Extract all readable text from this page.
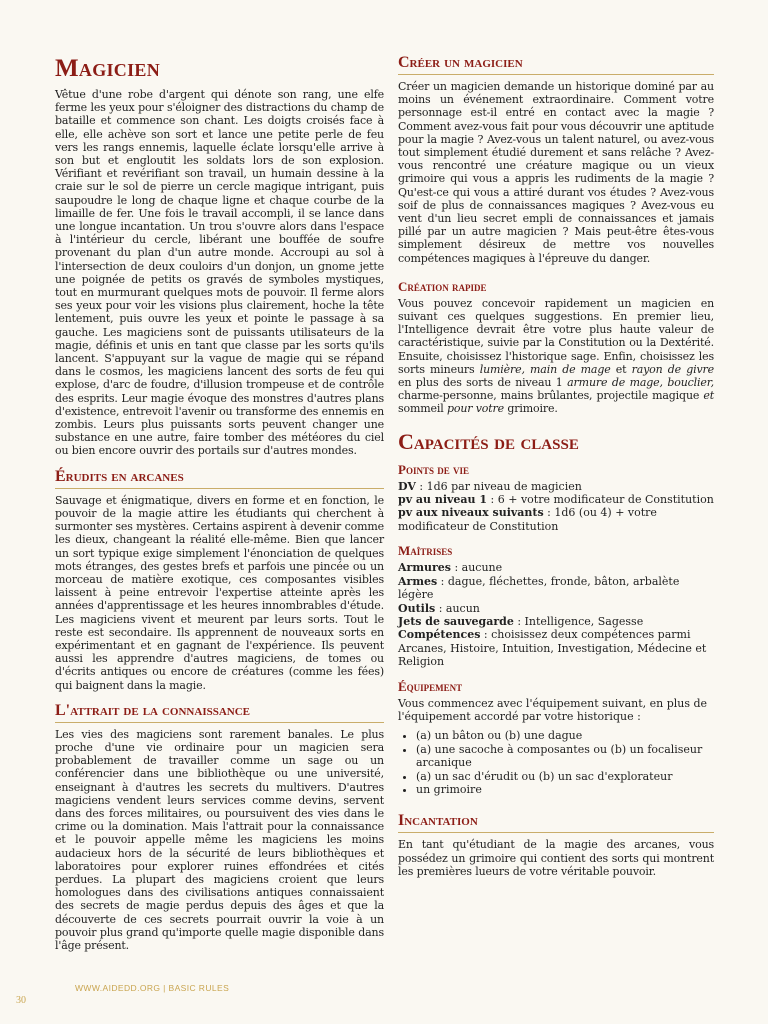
Magicien

Vêtue d'une robe d'argent qui dénote son rang, une elfe ferme les yeux pour s'éloigner des distractions du champ de bataille et commence son chant. Les doigts croisés face à elle, elle achève son sort et lance une petite perle de feu vers les rangs ennemis, laquelle éclate lorsqu'elle arrive à son but et engloutit les soldats lors de son explosion. Vérifiant et revérifiant son travail, un humain dessine à la craie sur le sol de pierre un cercle magique intrigant, puis saupoudre le long de chaque ligne et chaque courbe de la limaille de fer. Une fois le travail accompli, il se lance dans une longue incantation. Un trou s'ouvre alors dans l'espace à l'intérieur du cercle, libérant une bouffée de soufre provenant du plan d'un autre monde. Accroupi au sol à l'intersection de deux couloirs d'un donjon, un gnome jette une poignée de petits os gravés de symboles mystiques, tout en murmurant quelques mots de pouvoir. Il ferme alors ses yeux pour voir les visions plus clairement, hoche la tête lentement, puis ouvre les yeux et pointe le passage à sa gauche. Les magiciens sont de puissants utilisateurs de la magie, définis et unis en tant que classe par les sorts qu'ils lancent. S'appuyant sur la vague de magie qui se répand dans le cosmos, les magiciens lancent des sorts de feu qui explose, d'arc de foudre, d'illusion trompeuse et de contrôle des esprits. Leur magie évoque des monstres d'autres plans d'existence, entrevoit l'avenir ou transforme des ennemis en zombis. Leurs plus puissants sorts peuvent changer une substance en une autre, faire tomber des météores du ciel ou bien encore ouvrir des portails sur d'autres mondes.

Érudits en arcanes

Sauvage et énigmatique, divers en forme et en fonction, le pouvoir de la magie attire les étudiants qui cherchent à surmonter ses mystères. Certains aspirent à devenir comme les dieux, changeant la réalité elle-même. Bien que lancer un sort typique exige simplement l'énonciation de quelques mots étranges, des gestes brefs et parfois une pincée ou un morceau de matière exotique, ces composantes visibles laissent à peine entrevoir l'expertise atteinte après les années d'apprentissage et les heures innombrables d'étude. Les magiciens vivent et meurent par leurs sorts. Tout le reste est secondaire. Ils apprennent de nouveaux sorts en expérimentant et en gagnant de l'expérience. Ils peuvent aussi les apprendre d'autres magiciens, de tomes ou d'écrits antiques ou encore de créatures (comme les fées) qui baignent dans la magie.

L'attrait de la connaissance

Les vies des magiciens sont rarement banales. Le plus proche d'une vie ordinaire pour un magicien sera probablement de travailler comme un sage ou un conférencier dans une bibliothèque ou une université, enseignant à d'autres les secrets du multivers. D'autres magiciens vendent leurs services comme devins, servent dans des forces militaires, ou poursuivent des vies dans le crime ou la domination. Mais l'attrait pour la connaissance et le pouvoir appelle même les magiciens les moins audacieux hors de la sécurité de leurs bibliothèques et laboratoires pour explorer ruines effondrées et cités perdues. La plupart des magiciens croient que leurs homologues dans des civilisations antiques connaissaient des secrets de magie perdus depuis des âges et que la découverte de ces secrets pourrait ouvrir la voie à un pouvoir plus grand qu'importe quelle magie disponible dans l'âge présent.

Créer un magicien

Créer un magicien demande un historique dominé par au moins un événement extraordinaire. Comment votre personnage est-il entré en contact avec la magie ? Comment avez-vous fait pour vous découvrir une aptitude pour la magie ? Avez-vous un talent naturel, ou avez-vous tout simplement étudié durement et sans relâche ? Avez-vous rencontré une créature magique ou un vieux grimoire qui vous a appris les rudiments de la magie ? Qu'est-ce qui vous a attiré durant vos études ? Avez-vous soif de plus de connaissances magiques ? Avez-vous eu vent d'un lieu secret empli de connaissances et jamais pillé par un autre magicien ? Mais peut-être êtes-vous simplement désireux de mettre vos nouvelles compétences magiques à l'épreuve du danger.

Création rapide

Vous pouvez concevoir rapidement un magicien en suivant ces quelques suggestions. En premier lieu, l'Intelligence devrait être votre plus haute valeur de caractéristique, suivie par la Constitution ou la Dextérité. Ensuite, choisissez l'historique sage. Enfin, choisissez les sorts mineurs lumière, main de mage et rayon de givre en plus des sorts de niveau 1 armure de mage, bouclier, charme-personne, mains brûlantes, projectile magique et sommeil pour votre grimoire.

Capacités de classe
Points de vie

DV : 1d6 par niveau de magicien

pv au niveau 1 : 6 + votre modificateur de Constitution

pv aux niveaux suivants : 1d6 (ou 4) + votre modificateur de Constitution

Maîtrises

Armures : aucune

Armes : dague, fléchettes, fronde, bâton, arbalète légère

Outils : aucun

Jets de sauvegarde : Intelligence, Sagesse

Compétences : choisissez deux compétences parmi Arcanes, Histoire, Intuition, Investigation, Médecine et Religion

Équipement

Vous commencez avec l'équipement suivant, en plus de l'équipement accordé par votre historique :

• (a) un bâton ou (b) une dague
• (a) une sacoche à composantes ou (b) un focaliseur arcanique
• (a) un sac d'érudit ou (b) un sac d'explorateur
• un grimoire
Incantation

En tant qu'étudiant de la magie des arcanes, vous possédez un grimoire qui contient des sorts qui montrent les premières lueurs de votre véritable pouvoir.

WWW.AIDEDD.ORG | BASIC RULES
30
